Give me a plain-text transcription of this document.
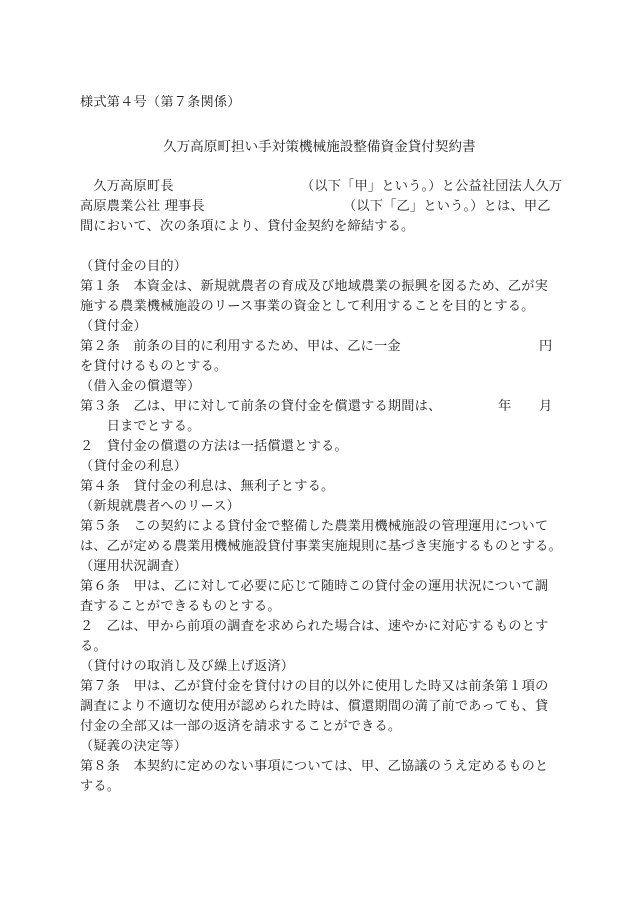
様式第４号（第７条関係）
久万高原町担い手対策機械施設整備資金貸付契約書
　久万高原町長	（以下「甲」という。）と公益社団法人久万
高原農業公社 理事長	（以下「乙」という。）とは、甲乙
間において、次の条項により、貸付金契約を締結する。
（貸付金の目的）
第１条　本資金は、新規就農者の育成及び地域農業の振興を図るため、乙が実
施する農業機械施設のリース事業の資金として利用することを目的とする。
（貸付金）
第２条　前条の目的に利用するため、甲は、乙に一金	円
を貸付けるものとする。
（借入金の償還等）
第３条　乙は、甲に対して前条の貸付金を償還する期間は、	年 月
　　日までとする。
２　貸付金の償還の方法は一括償還とする。
（貸付金の利息）
第４条　貸付金の利息は、無利子とする。
（新規就農者へのリース）
第５条　この契約による貸付金で整備した農業用機械施設の管理運用について
は、乙が定める農業用機械施設貸付事業実施規則に基づき実施するものとする。
（運用状況調査）
第６条　甲は、乙に対して必要に応じて随時この貸付金の運用状況について調
査することができるものとする。
２　乙は、甲から前項の調査を求められた場合は、速やかに対応するものとす
る。
（貸付けの取消し及び繰上げ返済）
第７条　甲は、乙が貸付金を貸付けの目的以外に使用した時又は前条第１項の
調査により不適切な使用が認められた時は、償還期間の満了前であっても、貸
付金の全部又は一部の返済を請求することができる。
（疑義の決定等）
第８条　本契約に定めのない事項については、甲、乙協議のうえ定めるものと
する。
